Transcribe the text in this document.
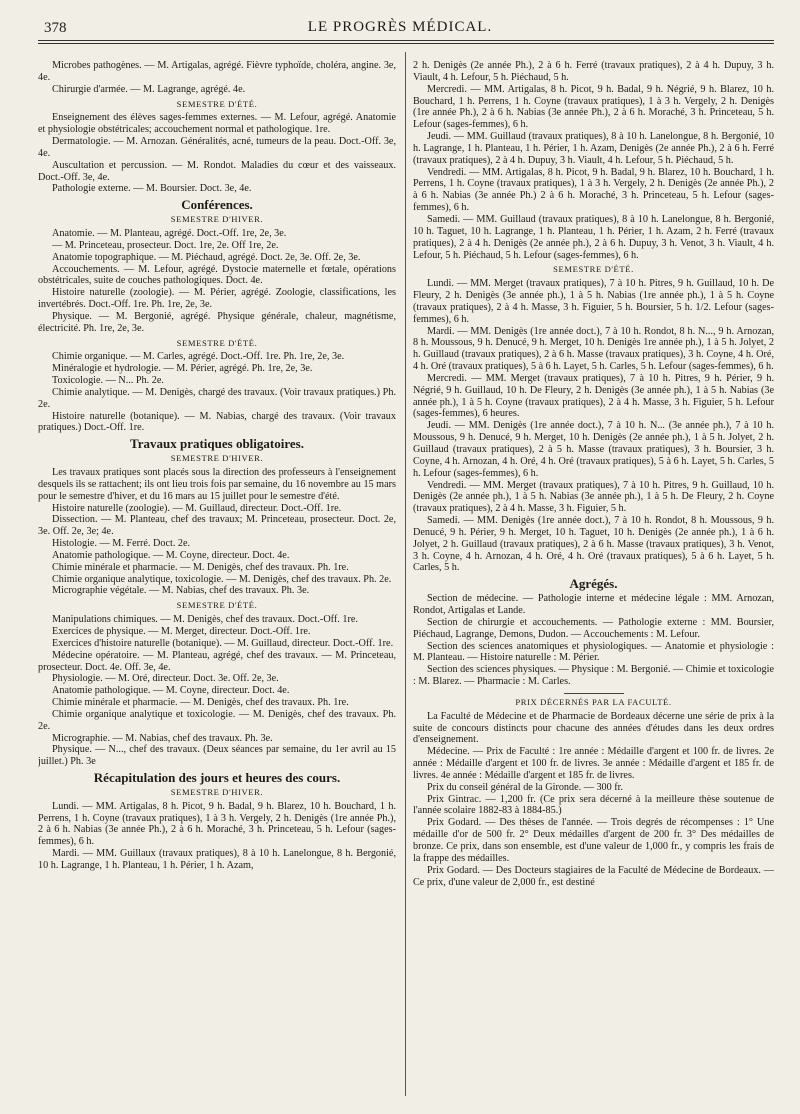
378	LE PROGRÈS MÉDICAL.

Microbes pathogènes. — M. Artigalas, agrégé. Fièvre typhoïde, choléra, angine. 3e, 4e.

Chirurgie d'armée. — M. Lagrange, agrégé. 4e.

SEMESTRE D'ÉTÉ.

Enseignement des élèves sages-femmes externes. — M. Lefour, agrégé. Anatomie et physiologie obstétricales; accouchement normal et pathologique. 1re.

Dermatologie. — M. Arnozan. Généralités, acné, tumeurs de la peau. Doct.-Off. 3e, 4e.

Auscultation et percussion. — M. Rondot. Maladies du cœur et des vaisseaux. Doct.-Off. 3e, 4e.

Pathologie externe. — M. Boursier. Doct. 3e, 4e.

Conférences.
SEMESTRE D'HIVER.

Anatomie. — M. Planteau, agrégé. Doct.-Off. 1re, 2e, 3e.

— M. Princeteau, prosecteur. Doct. 1re, 2e. Off 1re, 2e.

Anatomie topographique. — M. Piéchaud, agrégé. Doct. 2e, 3e. Off. 2e, 3e.

Accouchements. — M. Lefour, agrégé. Dystocie maternelle et fœtale, opérations obstétricales, suite de couches pathologiques. Doct. 4e.

Histoire naturelle (zoologie). — M. Périer, agrégé. Zoologie, classifications, les invertébrés. Doct.-Off. 1re. Ph. 1re, 2e, 3e.

Physique. — M. Bergonié, agrégé. Physique générale, chaleur, magnétisme, électricité. Ph. 1re, 2e, 3e.

SEMESTRE D'ÉTÉ.

Chimie organique. — M. Carles, agrégé. Doct.-Off. 1re. Ph. 1re, 2e, 3e.

Minéralogie et hydrologie. — M. Périer, agrégé. Ph. 1re, 2e, 3e.

Toxicologie. — N... Ph. 2e.

Chimie analytique. — M. Denigès, chargé des travaux. (Voir travaux pratiques.) Ph. 2e.

Histoire naturelle (botanique). — M. Nabias, chargé des travaux. (Voir travaux pratiques.) Doct.-Off. 1re.

Travaux pratiques obligatoires.
SEMESTRE D'HIVER.

Les travaux pratiques sont placés sous la direction des professeurs à l'enseignement desquels ils se rattachent; ils ont lieu trois fois par semaine, du 16 novembre au 15 mars pour le semestre d'hiver, et du 16 mars au 15 juillet pour le semestre d'été.

Histoire naturelle (zoologie). — M. Guillaud, directeur. Doct.-Off. 1re.

Dissection. — M. Planteau, chef des travaux; M. Princeteau, prosecteur. Doct. 2e, 3e. Off. 2e, 3e; 4e.

Histologie. — M. Ferré. Doct. 2e.

Anatomie pathologique. — M. Coyne, directeur. Doct. 4e.

Chimie minérale et pharmacie. — M. Denigès, chef des travaux. Ph. 1re.

Chimie organique analytique, toxicologie. — M. Denigès, chef des travaux. Ph. 2e.

Micrographie végétale. — M. Nabias, chef des travaux. Ph. 3e.

SEMESTRE D'ÉTÉ.

Manipulations chimiques. — M. Denigès, chef des travaux. Doct.-Off. 1re.

Exercices de physique. — M. Merget, directeur. Doct.-Off. 1re.

Exercices d'histoire naturelle (botanique). — M. Guillaud, directeur. Doct.-Off. 1re.

Médecine opératoire. — M. Planteau, agrégé, chef des travaux. — M. Princeteau, prosecteur. Doct. 4e. Off. 3e, 4e.

Physiologie. — M. Oré, directeur. Doct. 3e. Off. 2e, 3e.

Anatomie pathologique. — M. Coyne, directeur. Doct. 4e.

Chimie minérale et pharmacie. — M. Denigès, chef des travaux. Ph. 1re.

Chimie organique analytique et toxicologie. — M. Denigès, chef des travaux. Ph. 2e.

Micrographie. — M. Nabias, chef des travaux. Ph. 3e.

Physique. — N..., chef des travaux. (Deux séances par semaine, du 1er avril au 15 juillet.) Ph. 3e

Récapitulation des jours et heures des cours.
SEMESTRE D'HIVER.

Lundi. — MM. Artigalas, 8 h. Picot, 9 h. Badal, 9 h. Blarez, 10 h. Bouchard, 1 h. Perrens, 1 h. Coyne (travaux pratiques), 1 à 3 h. Vergely, 2 h. Denigès (1re année Ph.), 2 à 6 h. Nabias (3e année Ph.), 2 à 6 h. Moraché, 3 h. Princeteau, 5 h. Lefour (sages-femmes), 6 h.

Mardi. — MM. Guillaux (travaux pratiques), 8 à 10 h. Lanelongue, 8 h. Bergonié, 10 h. Lagrange, 1 h. Planteau, 1 h. Périer, 1 h. Azam,

2 h. Denigès (2e année Ph.), 2 à 6 h. Ferré (travaux pratiques), 2 à 4 h. Dupuy, 3 h. Viault, 4 h. Lefour, 5 h. Piéchaud, 5 h.

Mercredi. — MM. Artigalas, 8 h. Picot, 9 h. Badal, 9 h. Négrié, 9 h. Blarez, 10 h. Bouchard, 1 h. Perrens, 1 h. Coyne (travaux pratiques), 1 à 3 h. Vergely, 2 h. Denigès (1re année Ph.), 2 à 6 h. Nabias (3e année Ph.), 2 à 6 h. Moraché, 3 h. Princeteau, 5 h. Lefour (sages-femmes), 6 h.

Jeudi. — MM. Guillaud (travaux pratiques), 8 à 10 h. Lanelongue, 8 h. Bergonié, 10 h. Lagrange, 1 h. Planteau, 1 h. Périer, 1 h. Azam, Denigès (2e année Ph.), 2 à 6 h. Ferré (travaux pratiques), 2 à 4 h. Dupuy, 3 h. Viault, 4 h. Lefour, 5 h. Piéchaud, 5 h.

Vendredi. — MM. Artigalas, 8 h. Picot, 9 h. Badal, 9 h. Blarez, 10 h. Bouchard, 1 h. Perrens, 1 h. Coyne (travaux pratiques), 1 à 3 h. Vergely, 2 h. Denigès (2e année Ph.), 2 à 6 h. Nabias (3e année Ph.) 2 à 6 h. Moraché, 3 h. Princeteau, 5 h. Lefour (sages-femmes), 6 h.

Samedi. — MM. Guillaud (travaux pratiques), 8 à 10 h. Lanelongue, 8 h. Bergonié, 10 h. Taguet, 10 h. Lagrange, 1 h. Planteau, 1 h. Périer, 1 h. Azam, 2 h. Ferré (travaux pratiques), 2 à 4 h. Denigès (2e année ph.), 2 à 6 h. Dupuy, 3 h. Venot, 3 h. Viault, 4 h. Lefour, 5 h. Piéchaud, 5 h. Lefour (sages-femmes), 6 h.

SEMESTRE D'ÉTÉ.

Lundi. — MM. Merget (travaux pratiques), 7 à 10 h. Pitres, 9 h. Guillaud, 10 h. De Fleury, 2 h. Denigès (3e année ph.), 1 à 5 h. Nabias (1re année ph.), 1 à 5 h. Coyne (travaux pratiques), 2 à 4 h. Masse, 3 h. Figuier, 5 h. Boursier, 5 h. 1/2. Lefour (sages-femmes), 6 h.

Mardi. — MM. Denigès (1re année doct.), 7 à 10 h. Rondot, 8 h. N..., 9 h. Arnozan, 8 h. Moussous, 9 h. Denucé, 9 h. Merget, 10 h. Denigès 1re année ph.), 1 à 5 h. Jolyet, 2 h. Guillaud (travaux pratiques), 2 à 6 h. Masse (travaux pratiques), 3 h. Coyne, 4 h. Oré, 4 h. Oré (travaux pratiques), 5 à 6 h. Layet, 5 h. Carles, 5 h. Lefour (sages-femmes), 6 h.

Mercredi. — MM. Merget (travaux pratiques), 7 à 10 h. Pitres, 9 h. Périer, 9 h. Négrié, 9 h. Guillaud, 10 h. De Fleury, 2 h. Denigès (3e année ph.), 1 à 5 h. Nabias (3e année ph.), 1 à 5 h. Coyne (travaux pratiques), 2 à 4 h. Masse, 3 h. Figuier, 5 h. Lefour (sages-femmes), 6 heures.

Jeudi. — MM. Denigès (1re année doct.), 7 à 10 h. N... (3e année ph.), 7 à 10 h. Moussous, 9 h. Denucé, 9 h. Merget, 10 h. Denigès (2e année ph.), 1 à 5 h. Jolyet, 2 h. Guillaud (travaux pratiques), 2 à 5 h. Masse (travaux pratiques), 3 h. Boursier, 3 h. Coyne, 4 h. Arnozan, 4 h. Oré, 4 h. Oré (travaux pratiques), 5 à 6 h. Layet, 5 h. Carles, 5 h. Lefour (sages-femmes), 6 h.

Vendredi. — MM. Merget (travaux pratiques), 7 à 10 h. Pitres, 9 h. Guillaud, 10 h. Denigès (2e année ph.), 1 à 5 h. Nabias (3e année ph.), 1 à 5 h. De Fleury, 2 h. Coyne (travaux pratiques), 2 à 4 h. Masse, 3 h. Figuier, 5 h.

Samedi. — MM. Denigès (1re année doct.), 7 à 10 h. Rondot, 8 h. Moussous, 9 h. Denucé, 9 h. Périer, 9 h. Merget, 10 h. Taguet, 10 h. Denigès (2e année ph.), 1 à 6 h. Jolyet, 2 h. Guillaud (travaux pratiques), 2 à 6 h. Masse (travaux pratiques), 3 h. Venot, 3 h. Coyne, 4 h. Arnozan, 4 h. Oré, 4 h. Oré (travaux pratiques), 5 à 6 h. Layet, 5 h. Carles, 5 h.

Agrégés.

Section de médecine. — Pathologie interne et médecine légale : MM. Arnozan, Rondot, Artigalas et Lande.

Section de chirurgie et accouchements. — Pathologie externe : MM. Boursier, Piéchaud, Lagrange, Demons, Dudon. — Accouchements : M. Lefour.

Section des sciences anatomiques et physiologiques. — Anatomie et physiologie : M. Planteau. — Histoire naturelle : M. Périer.

Section des sciences physiques. — Physique : M. Bergonié. — Chimie et toxicologie : M. Blarez. — Pharmacie : M. Carles.

PRIX DÉCERNÉS PAR LA FACULTÉ.

La Faculté de Médecine et de Pharmacie de Bordeaux décerne une série de prix à la suite de concours distincts pour chacune des années d'études dans les deux ordres d'enseignement.

Médecine. — Prix de Faculté : 1re année : Médaille d'argent et 100 fr. de livres. 2e année : Médaille d'argent et 100 fr. de livres. 3e année : Médaille d'argent et 185 fr. de livres. 4e année : Médaille d'argent et 185 fr. de livres.

Prix du conseil général de la Gironde. — 300 fr.

Prix Gintrac. — 1,200 fr. (Ce prix sera décerné à la meilleure thèse soutenue de l'année scolaire 1882-83 à 1884-85.)

Prix Godard. — Des thèses de l'année. — Trois degrés de récompenses : 1° Une médaille d'or de 500 fr. 2° Deux médailles d'argent de 200 fr. 3° Des médailles de bronze. Ce prix, dans son ensemble, est d'une valeur de 1,000 fr., y compris les frais de la frappe des médailles.

Prix Godard. — Des Docteurs stagiaires de la Faculté de Médecine de Bordeaux. — Ce prix, d'une valeur de 2,000 fr., est destiné
